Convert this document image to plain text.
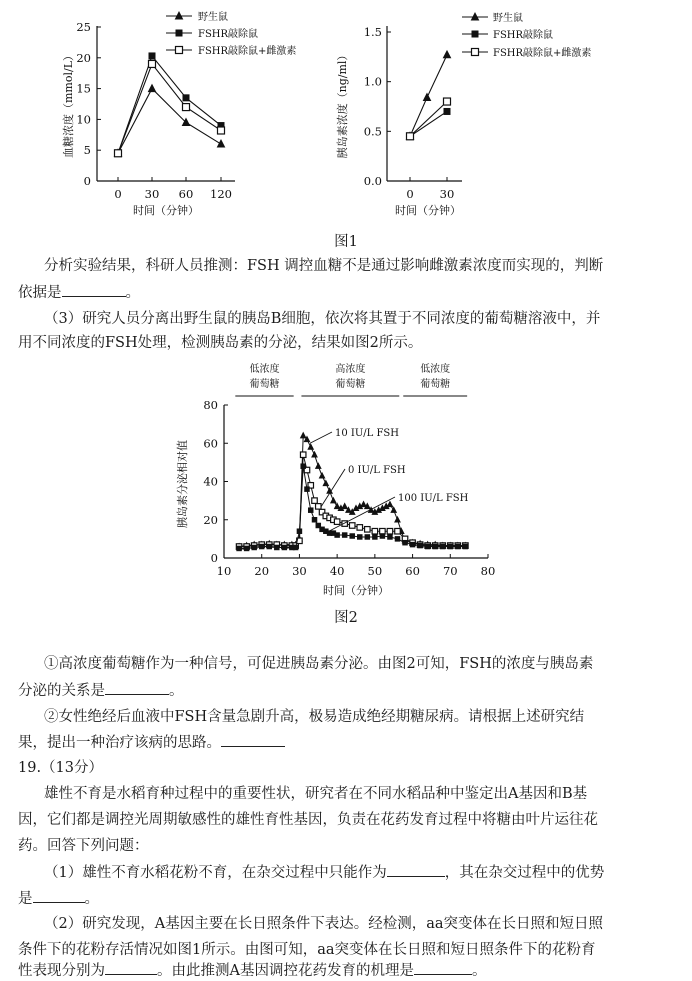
0
5
10
15
20
25
0 30 60 120
时间（分钟）
血糖浓度（mmol/L）
野生鼠
FSHR敲除鼠
FSHR敲除鼠+雌激素
0.0
0.5
1.0
1.5
0 30
时间（分钟）
胰岛素浓度（ng/ml）
野生鼠
FSHR敲除鼠
FSHR敲除鼠+雌激素
0
20
40
60
80
10 20 30 40 50 60 70 80
时间（分钟）
胰岛素分泌相对值
低浓度
葡萄糖
高浓度
葡萄糖
低浓度
葡萄糖
10 IU/L FSH
0 IU/L FSH
100 IU/L FSH
图1
分析实验结果，科研人员推测：FSH 调控血糖不是通过影响雌激素浓度而实现的，判断
依据是	。
（3）研究人员分离出野生鼠的胰岛B细胞，依次将其置于不同浓度的葡萄糖溶液中，并
用不同浓度的FSH处理，检测胰岛素的分泌，结果如图2所示。
图2
①高浓度葡萄糖作为一种信号，可促进胰岛素分泌。由图2可知，FSH的浓度与胰岛素
分泌的关系是	。
②女性绝经后血液中FSH含量急剧升高，极易造成绝经期糖尿病。请根据上述研究结
果，提出一种治疗该病的思路。
19.（13分）
雄性不育是水稻育种过程中的重要性状，研究者在不同水稻品种中鉴定出A基因和B基
因，它们都是调控光周期敏感性的雄性育性基因，负责在花药发育过程中将糖由叶片运往花
药。回答下列问题：
（1）雄性不育水稻花粉不育，在杂交过程中只能作为	，其在杂交过程中的优势
是	。
（2）研究发现，A基因主要在长日照条件下表达。经检测，aa突变体在长日照和短日照
条件下的花粉存活情况如图1所示。由图可知，aa突变体在长日照和短日照条件下的花粉育
性表现分别为	。由此推测A基因调控花药发育的机理是	。
